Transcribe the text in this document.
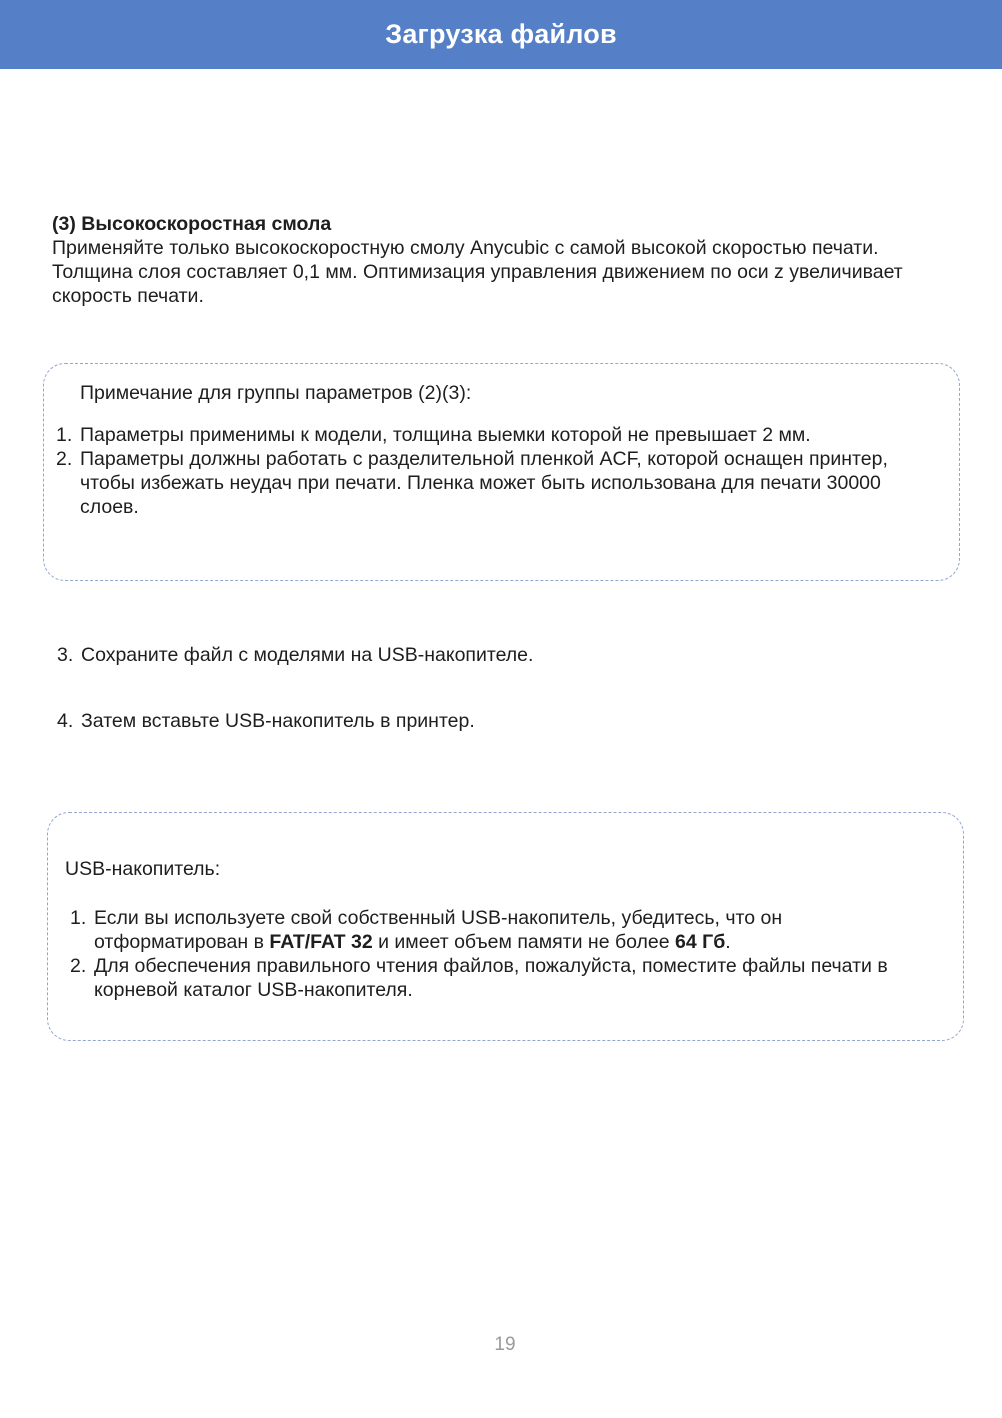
Загрузка файлов

(3) Высокоскоростная смола

Применяйте только высокоскоростную смолу Anycubic с самой высокой скоростью печати. Толщина слоя составляет 0,1 мм. Оптимизация управления движением по оси z увеличивает скорость печати.

Примечание для группы параметров (2)(3):

1. Параметры применимы к модели, толщина выемки которой не превышает 2 мм.
2. Параметры должны работать с разделительной пленкой ACF, которой оснащен принтер, чтобы избежать неудач при печати. Пленка может быть использована для печати 30000 слоев.
3. Сохраните файл с моделями на USB-накопителе.
4. Затем вставьте USB-накопитель в принтер.

USB-накопитель:

1. Если вы используете свой собственный USB-накопитель, убедитесь, что он отформатирован в FAT/FAT 32 и имеет объем памяти не более 64 Гб.
2. Для обеспечения правильного чтения файлов, пожалуйста, поместите файлы печати в корневой каталог USB-накопителя.
19
